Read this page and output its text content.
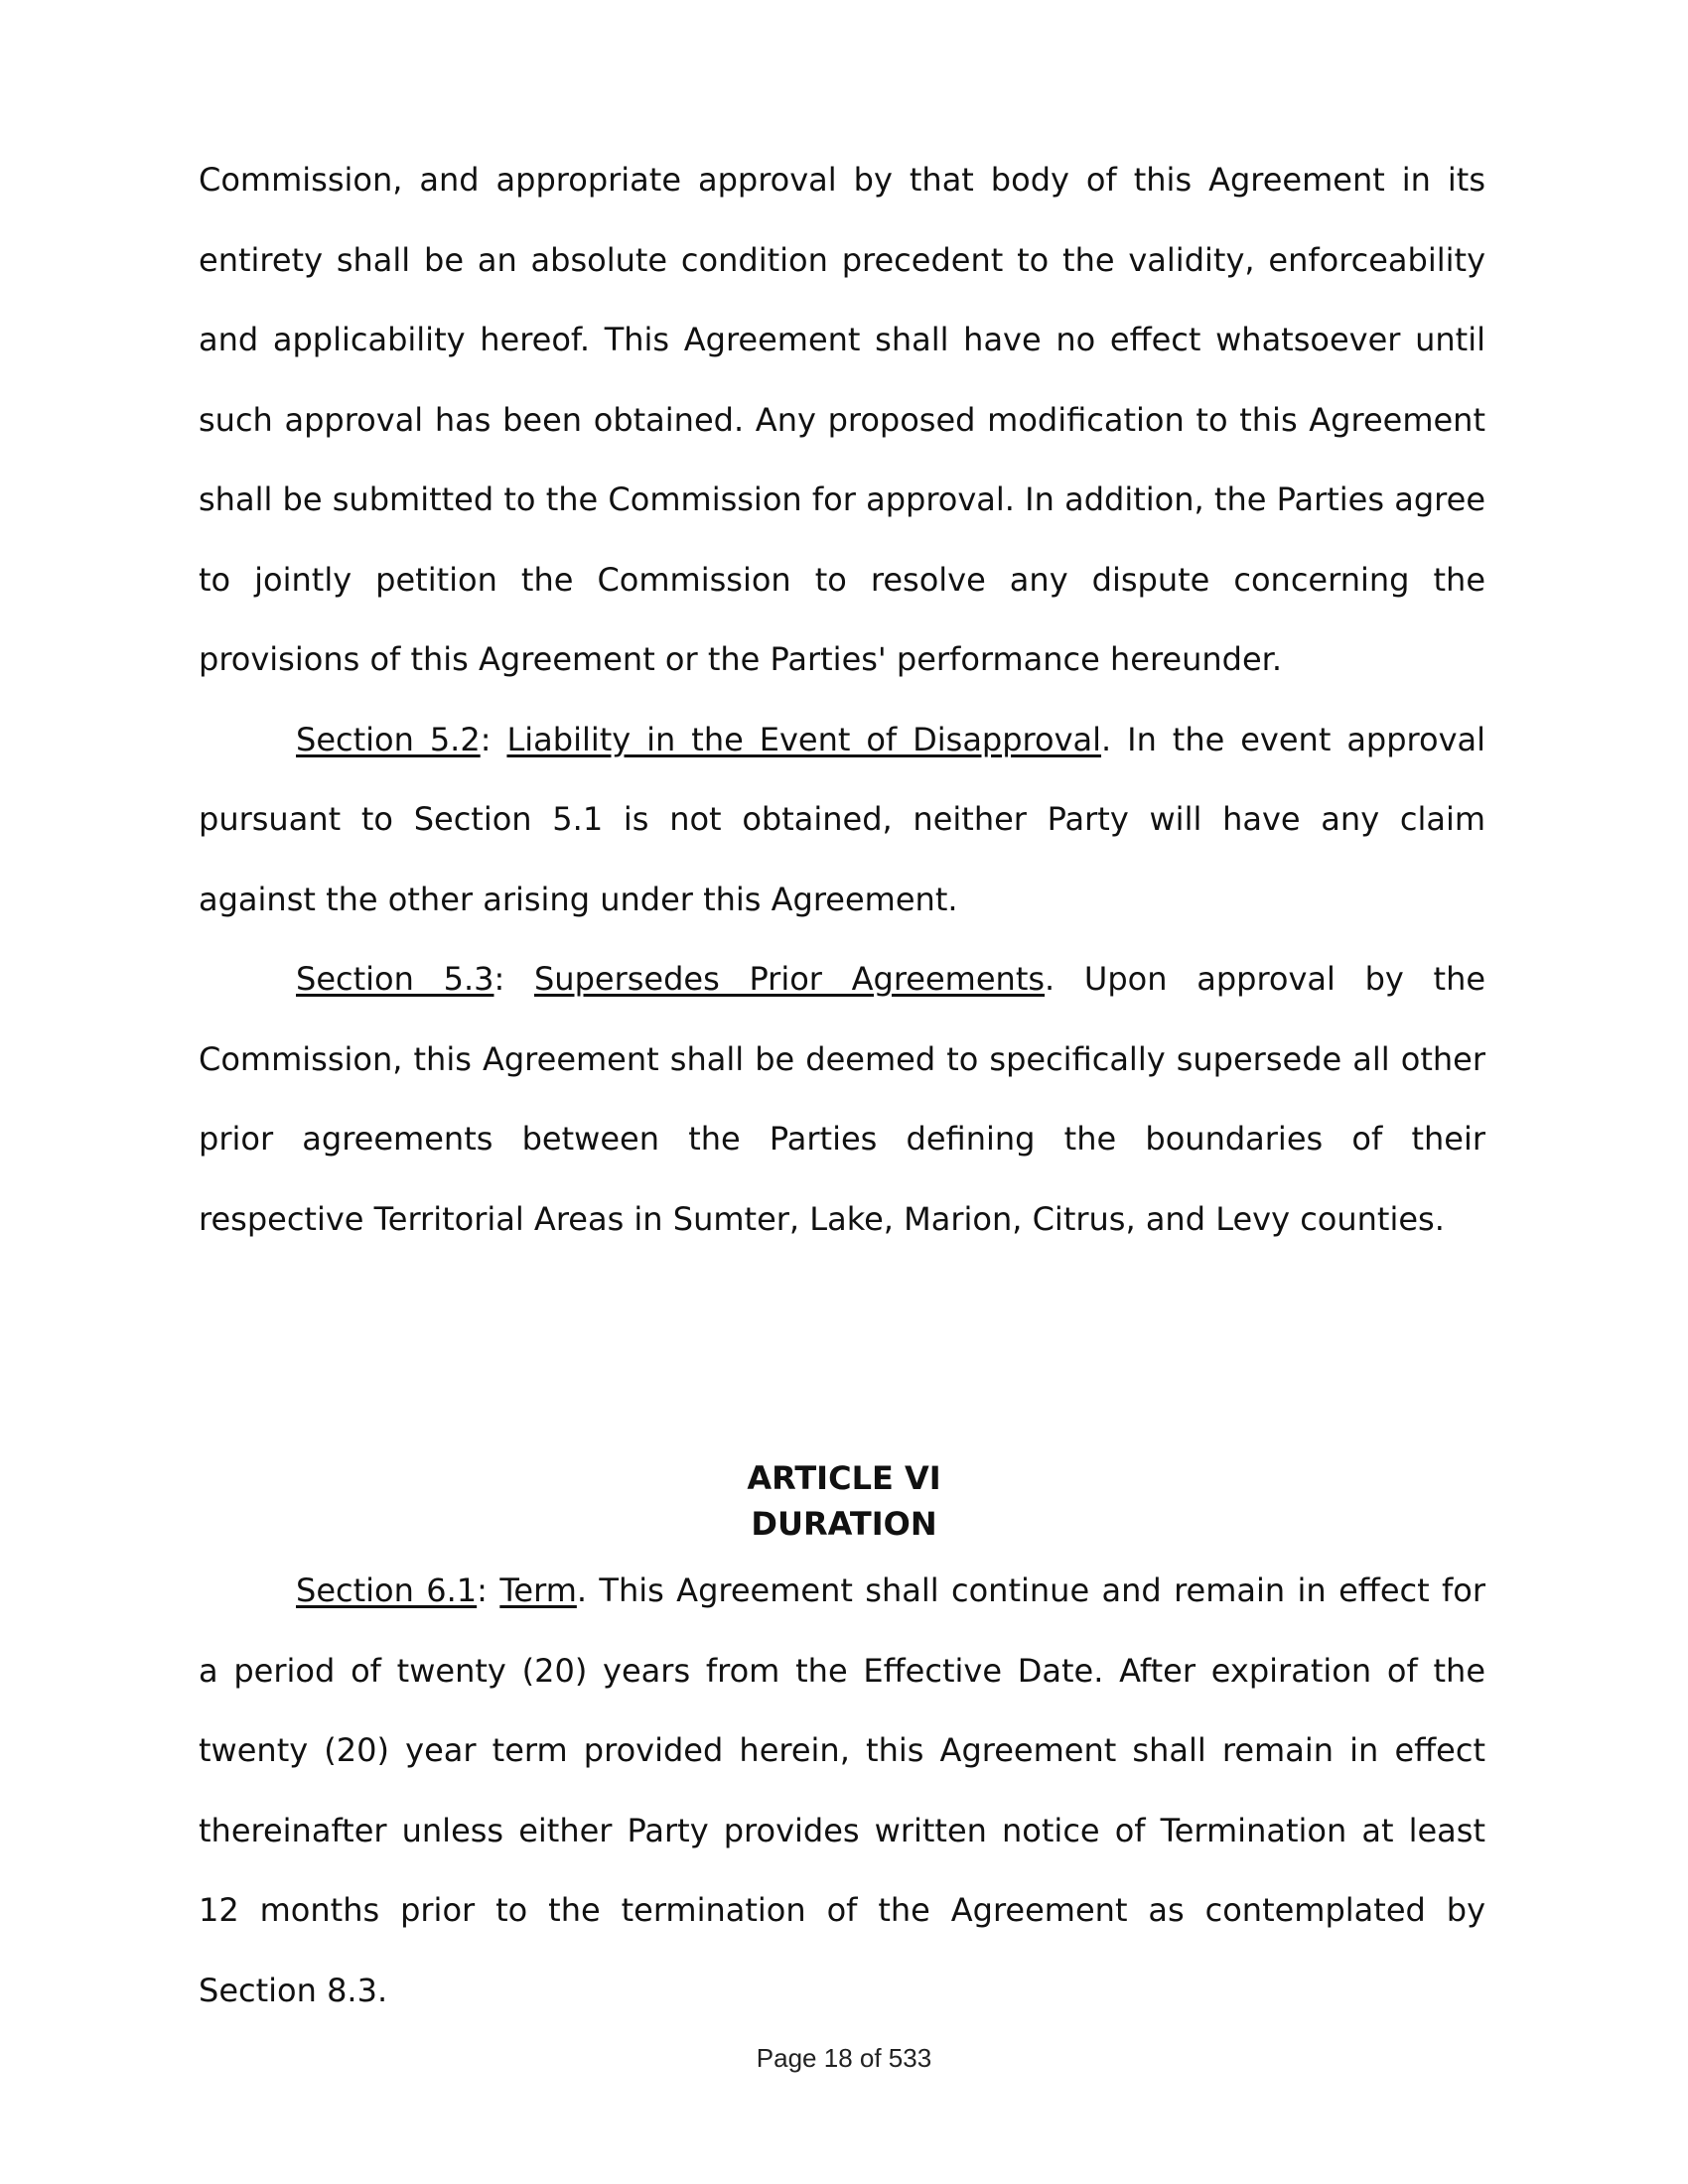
Commission, and appropriate approval by that body of this Agreement in its entirety shall be an absolute condition precedent to the validity, enforceability and applicability hereof. This Agreement shall have no effect whatsoever until such approval has been obtained. Any proposed modification to this Agreement shall be submitted to the Commission for approval. In addition, the Parties agree to jointly petition the Commission to resolve any dispute concerning the provisions of this Agreement or the Parties' performance hereunder.

Section 5.2: Liability in the Event of Disapproval. In the event approval pursuant to Section 5.1 is not obtained, neither Party will have any claim against the other arising under this Agreement.

Section 5.3: Supersedes Prior Agreements. Upon approval by the Commission, this Agreement shall be deemed to specifically supersede all other prior agreements between the Parties defining the boundaries of their respective Territorial Areas in Sumter, Lake, Marion, Citrus, and Levy counties.

ARTICLE VI
DURATION

Section 6.1: Term. This Agreement shall continue and remain in effect for a period of twenty (20) years from the Effective Date. After expiration of the twenty (20) year term provided herein, this Agreement shall remain in effect thereinafter unless either Party provides written notice of Termination at least 12 months prior to the termination of the Agreement as contemplated by Section 8.3.

Page 18 of 533
